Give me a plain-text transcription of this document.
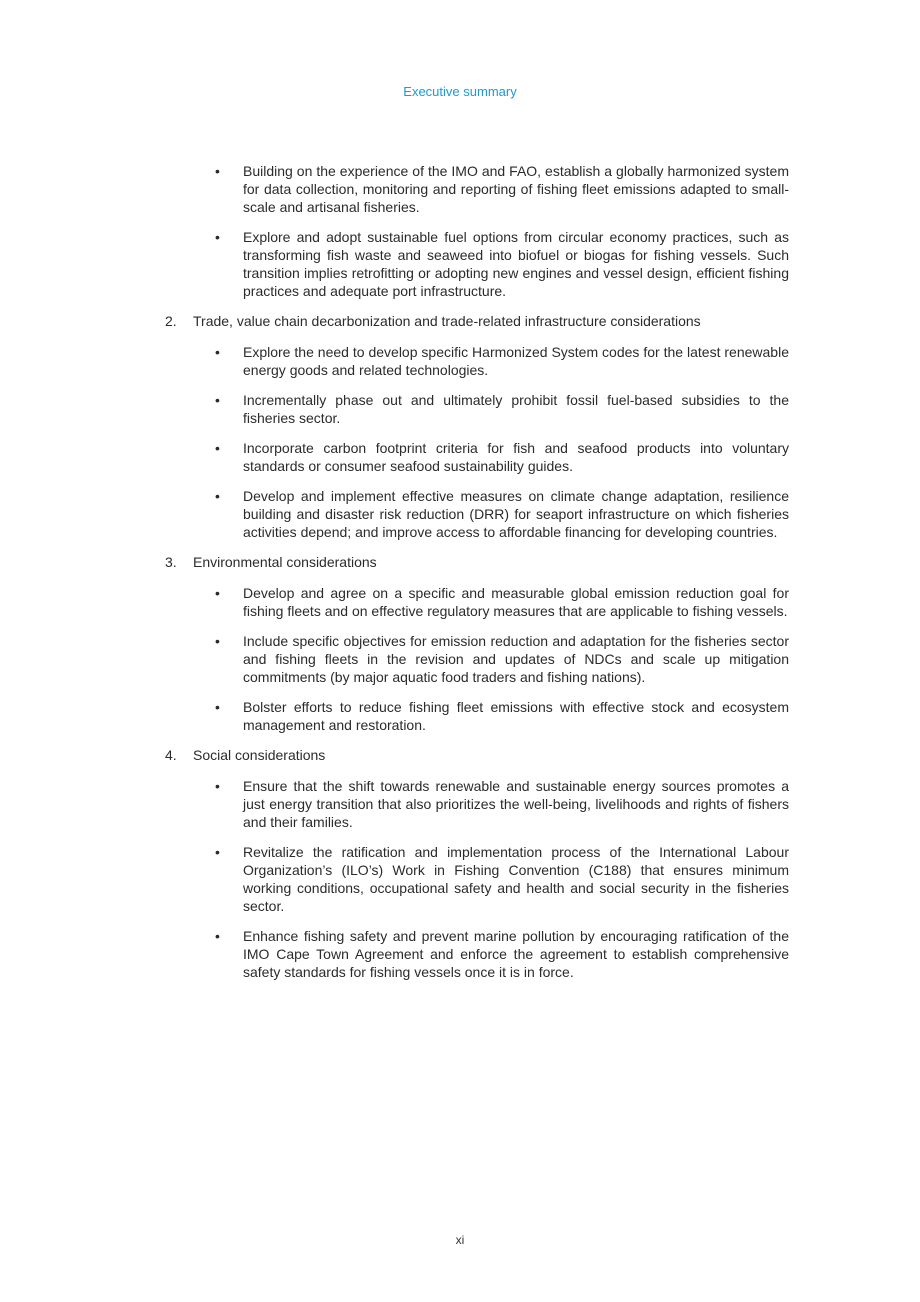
Executive summary
• Building on the experience of the IMO and FAO, establish a globally harmonized system for data collection, monitoring and reporting of fishing fleet emissions adapted to small-scale and artisanal fisheries.
• Explore and adopt sustainable fuel options from circular economy practices, such as transforming fish waste and seaweed into biofuel or biogas for fishing vessels. Such transition implies retrofitting or adopting new engines and vessel design, efficient fishing practices and adequate port infrastructure.
2. Trade, value chain decarbonization and trade-related infrastructure considerations
• Explore the need to develop specific Harmonized System codes for the latest renewable energy goods and related technologies.
• Incrementally phase out and ultimately prohibit fossil fuel-based subsidies to the fisheries sector.
• Incorporate carbon footprint criteria for fish and seafood products into voluntary standards or consumer seafood sustainability guides.
• Develop and implement effective measures on climate change adaptation, resilience building and disaster risk reduction (DRR) for seaport infrastructure on which fisheries activities depend; and improve access to affordable financing for developing countries.
3. Environmental considerations
• Develop and agree on a specific and measurable global emission reduction goal for fishing fleets and on effective regulatory measures that are applicable to fishing vessels.
• Include specific objectives for emission reduction and adaptation for the fisheries sector and fishing fleets in the revision and updates of NDCs and scale up mitigation commitments (by major aquatic food traders and fishing nations).
• Bolster efforts to reduce fishing fleet emissions with effective stock and ecosystem management and restoration.
4. Social considerations
• Ensure that the shift towards renewable and sustainable energy sources promotes a just energy transition that also prioritizes the well-being, livelihoods and rights of fishers and their families.
• Revitalize the ratification and implementation process of the International Labour Organization’s (ILO’s) Work in Fishing Convention (C188) that ensures minimum working conditions, occupational safety and health and social security in the fisheries sector.
• Enhance fishing safety and prevent marine pollution by encouraging ratification of the IMO Cape Town Agreement and enforce the agreement to establish comprehensive safety standards for fishing vessels once it is in force.
xi
